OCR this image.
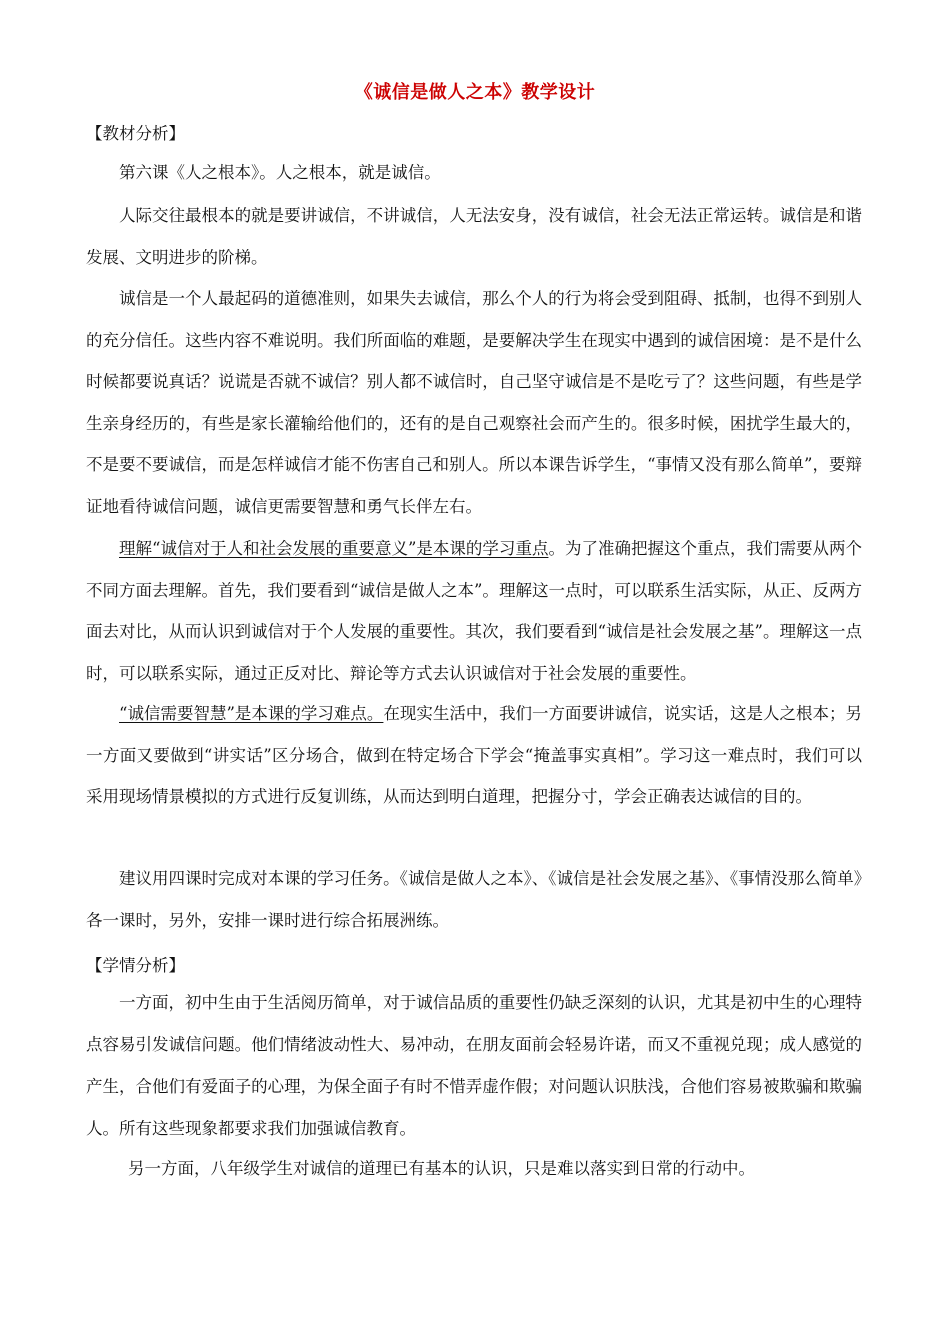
《诚信是做人之本》教学设计
【教材分析】

第六课《人之根本》。人之根本，就是诚信。

人际交往最根本的就是要讲诚信，不讲诚信，人无法安身，没有诚信，社会无法正常运转。诚信是和谐发展、文明进步的阶梯。

诚信是一个人最起码的道德准则，如果失去诚信，那么个人的行为将会受到阻碍、抵制，也得不到别人的充分信任。这些内容不难说明。我们所面临的难题，是要解决学生在现实中遇到的诚信困境：是不是什么时候都要说真话？说谎是否就不诚信？别人都不诚信时，自己坚守诚信是不是吃亏了？这些问题，有些是学生亲身经历的，有些是家长灌输给他们的，还有的是自己观察社会而产生的。很多时候，困扰学生最大的，不是要不要诚信，而是怎样诚信才能不伤害自己和别人。所以本课告诉学生，“事情又没有那么简单”，要辩证地看待诚信问题，诚信更需要智慧和勇气长伴左右。

理解“诚信对于人和社会发展的重要意义”是本课的学习重点。为了准确把握这个重点，我们需要从两个不同方面去理解。首先，我们要看到“诚信是做人之本”。理解这一点时，可以联系生活实际，从正、反两方面去对比，从而认识到诚信对于个人发展的重要性。其次，我们要看到“诚信是社会发展之基”。理解这一点时，可以联系实际，通过正反对比、辩论等方式去认识诚信对于社会发展的重要性。

“诚信需要智慧”是本课的学习难点。在现实生活中，我们一方面要讲诚信，说实话，这是人之根本；另一方面又要做到“讲实话”区分场合，做到在特定场合下学会“掩盖事实真相”。学习这一难点时，我们可以采用现场情景模拟的方式进行反复训练，从而达到明白道理，把握分寸，学会正确表达诚信的目的。

建议用四课时完成对本课的学习任务。《诚信是做人之本》、《诚信是社会发展之基》、《事情没那么简单》各一课时，另外，安排一课时进行综合拓展洲练。

【学情分析】

一方面，初中生由于生活阅历简单，对于诚信品质的重要性仍缺乏深刻的认识，尤其是初中生的心理特点容易引发诚信问题。他们情绪波动性大、易冲动，在朋友面前会轻易许诺，而又不重视兑现；成人感觉的产生，合他们有爱面子的心理，为保全面子有时不惜弄虚作假；对问题认识肤浅，合他们容易被欺骗和欺骗人。所有这些现象都要求我们加强诚信教育。

另一方面，八年级学生对诚信的道理已有基本的认识，只是难以落实到日常的行动中。
